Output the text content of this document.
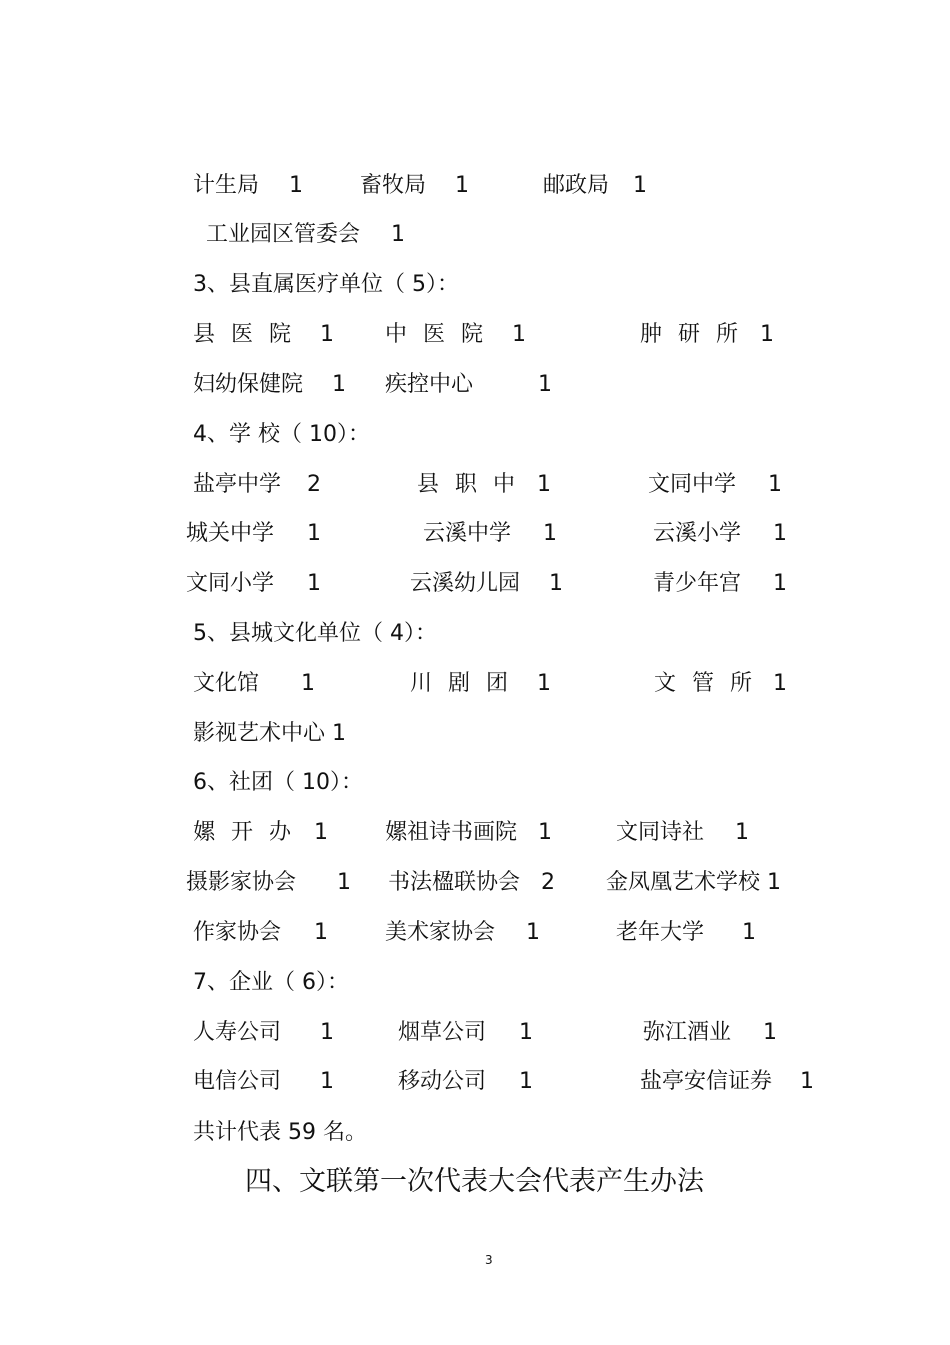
计生局 1	畜牧局 1	邮政局 1
工业园区管委会 1
3、县直属医疗单位（ 5）：
县医院 1 中医院 1	肿研所 1
妇幼保健院 1 疾控中心	1
4、学 校（ 10）：
盐亭中学 2	县职中 1	文同中学 1
城关中学 1	云溪中学 1	云溪小学 1
文同小学 1	云溪幼儿园 1	青少年宫 1
5、县城文化单位（ 4）：
文化馆 1	川剧团 1	文管所 1
影视艺术中心 1
6、社团（ 10）：
嫘开办 1	嫘祖诗书画院 1	文同诗社 1
摄影家协会 1 书法楹联协会 2 金凤凰艺术学校 1
作家协会 1	美术家协会 1	老年大学 1
7、企业（ 6）：
人寿公司 1	烟草公司 1	弥江酒业 1
电信公司 1	移动公司 1	盐亭安信证券 1
共计代表 59 名。
四、文联第一次代表大会代表产生办法
3
